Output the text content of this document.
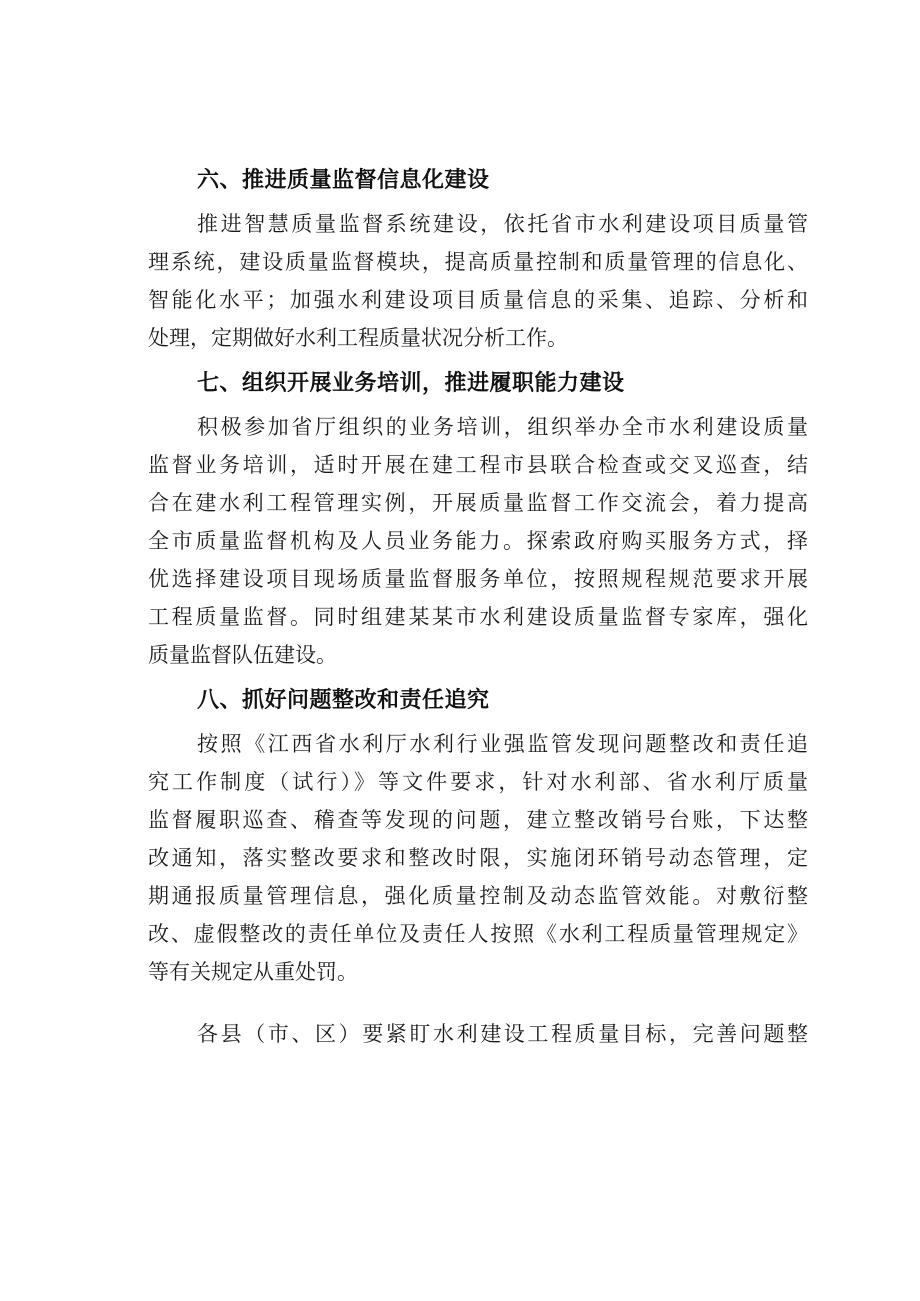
六、推进质量监督信息化建设

推进智慧质量监督系统建设，依托省市水利建设项目质量管
理系统，建设质量监督模块，提高质量控制和质量管理的信息化、
智能化水平；加强水利建设项目质量信息的采集、追踪、分析和
处理，定期做好水利工程质量状况分析工作。

七、组织开展业务培训，推进履职能力建设

积极参加省厅组织的业务培训，组织举办全市水利建设质量
监督业务培训，适时开展在建工程市县联合检查或交叉巡查，结
合在建水利工程管理实例，开展质量监督工作交流会，着力提高
全市质量监督机构及人员业务能力。探索政府购买服务方式，择
优选择建设项目现场质量监督服务单位，按照规程规范要求开展
工程质量监督。同时组建某某市水利建设质量监督专家库，强化
质量监督队伍建设。

八、抓好问题整改和责任追究

按照《江西省水利厅水利行业强监管发现问题整改和责任追
究工作制度（试行）》等文件要求，针对水利部、省水利厅质量
监督履职巡查、稽查等发现的问题，建立整改销号台账，下达整
改通知，落实整改要求和整改时限，实施闭环销号动态管理，定
期通报质量管理信息，强化质量控制及动态监管效能。对敷衍整
改、虚假整改的责任单位及责任人按照《水利工程质量管理规定》
等有关规定从重处罚。

各县（市、区）要紧盯水利建设工程质量目标，完善问题整
